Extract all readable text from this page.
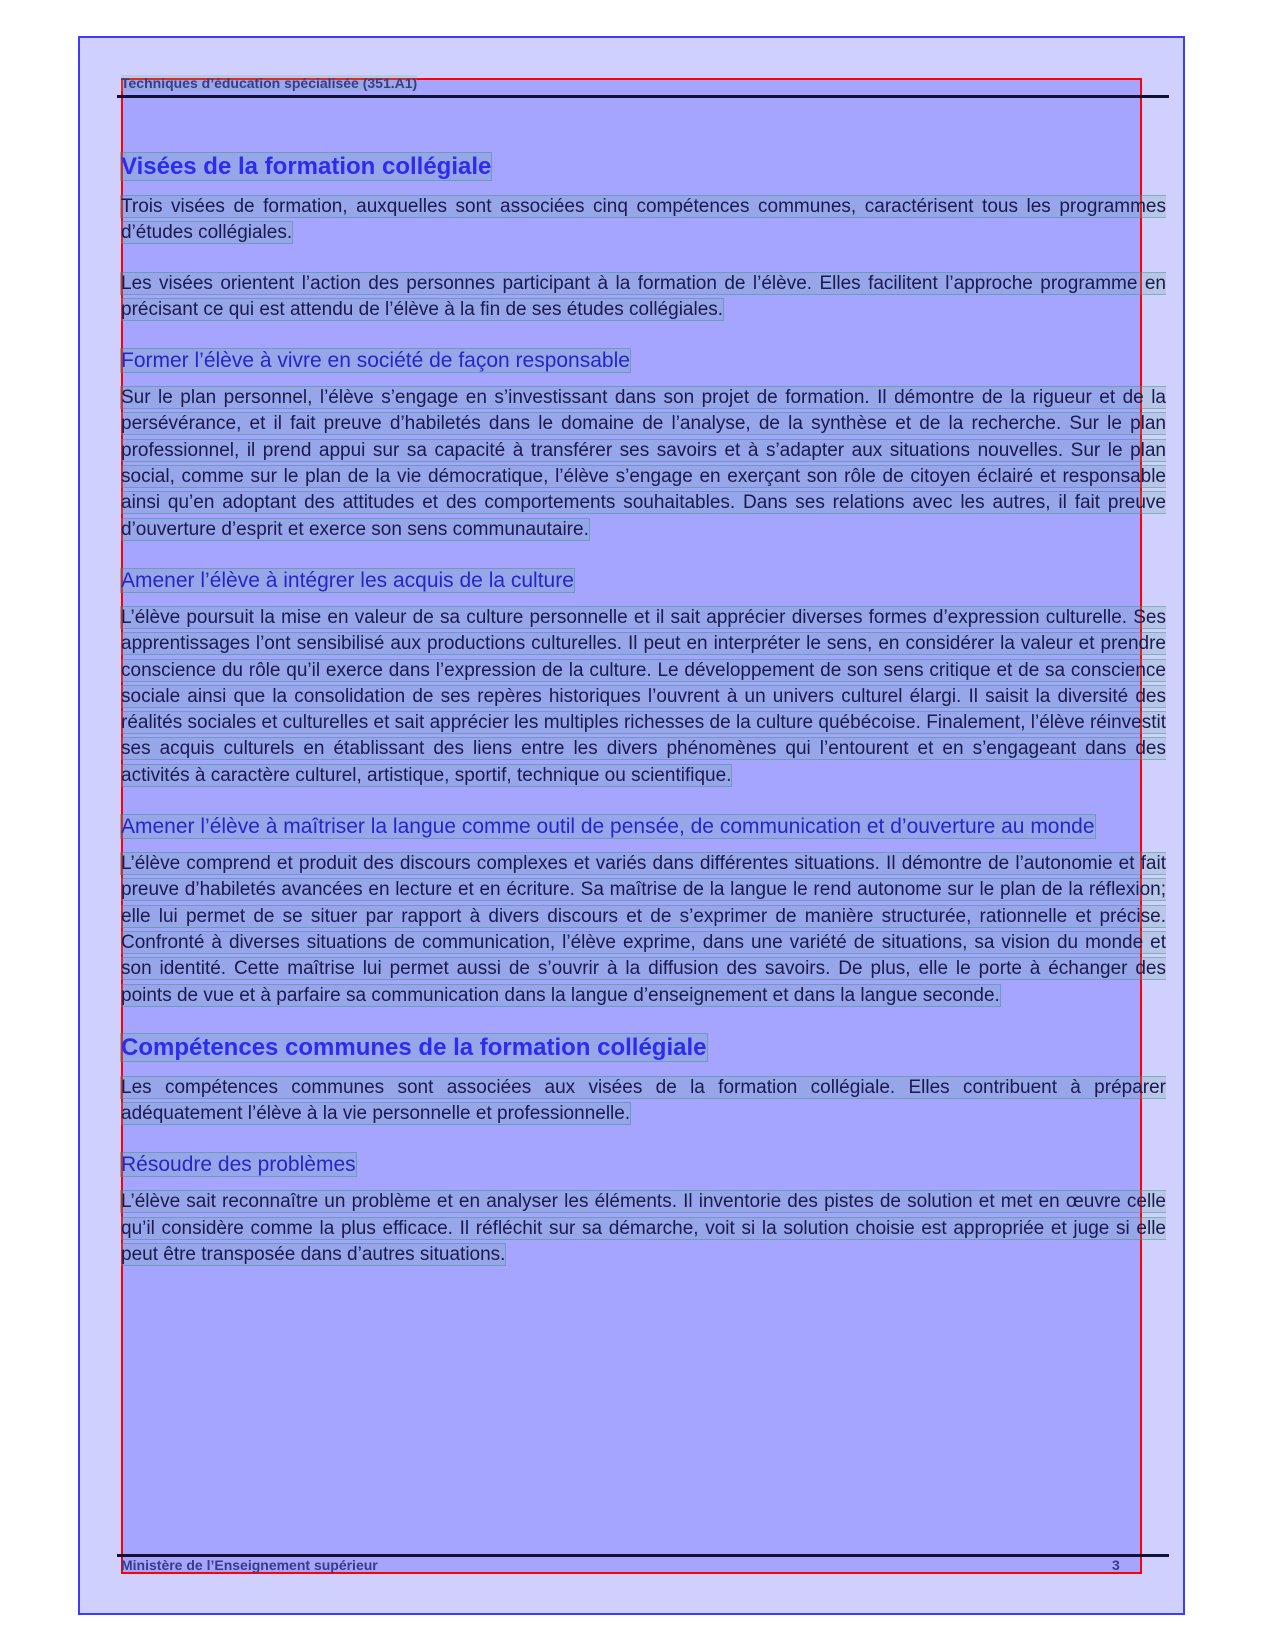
Techniques d’éducation spécialisée (351.A1)
Visées de la formation collégiale

Trois visées de formation, auxquelles sont associées cinq compétences communes, caractérisent tous les programmes d’études collégiales.

Les visées orientent l’action des personnes participant à la formation de l’élève. Elles facilitent l’approche programme en précisant ce qui est attendu de l’élève à la fin de ses études collégiales.

Former l’élève à vivre en société de façon responsable

Sur le plan personnel, l’élève s’engage en s’investissant dans son projet de formation. Il démontre de la rigueur et de la persévérance, et il fait preuve d’habiletés dans le domaine de l’analyse, de la synthèse et de la recherche. Sur le plan professionnel, il prend appui sur sa capacité à transférer ses savoirs et à s’adapter aux situations nouvelles. Sur le plan social, comme sur le plan de la vie démocratique, l’élève s’engage en exerçant son rôle de citoyen éclairé et responsable ainsi qu’en adoptant des attitudes et des comportements souhaitables. Dans ses relations avec les autres, il fait preuve d’ouverture d’esprit et exerce son sens communautaire.

Amener l’élève à intégrer les acquis de la culture

L’élève poursuit la mise en valeur de sa culture personnelle et il sait apprécier diverses formes d’expression culturelle. Ses apprentissages l’ont sensibilisé aux productions culturelles. Il peut en interpréter le sens, en considérer la valeur et prendre conscience du rôle qu’il exerce dans l’expression de la culture. Le développement de son sens critique et de sa conscience sociale ainsi que la consolidation de ses repères historiques l’ouvrent à un univers culturel élargi. Il saisit la diversité des réalités sociales et culturelles et sait apprécier les multiples richesses de la culture québécoise. Finalement, l’élève réinvestit ses acquis culturels en établissant des liens entre les divers phénomènes qui l’entourent et en s’engageant dans des activités à caractère culturel, artistique, sportif, technique ou scientifique.

Amener l’élève à maîtriser la langue comme outil de pensée, de communication et d’ouverture au monde

L’élève comprend et produit des discours complexes et variés dans différentes situations. Il démontre de l’autonomie et fait preuve d’habiletés avancées en lecture et en écriture. Sa maîtrise de la langue le rend autonome sur le plan de la réflexion; elle lui permet de se situer par rapport à divers discours et de s’exprimer de manière structurée, rationnelle et précise. Confronté à diverses situations de communication, l’élève exprime, dans une variété de situations, sa vision du monde et son identité. Cette maîtrise lui permet aussi de s’ouvrir à la diffusion des savoirs. De plus, elle le porte à échanger des points de vue et à parfaire sa communication dans la langue d’enseignement et dans la langue seconde.

Compétences communes de la formation collégiale

Les compétences communes sont associées aux visées de la formation collégiale. Elles contribuent à préparer adéquatement l’élève à la vie personnelle et professionnelle.

Résoudre des problèmes

L’élève sait reconnaître un problème et en analyser les éléments. Il inventorie des pistes de solution et met en œuvre celle qu’il considère comme la plus efficace. Il réfléchit sur sa démarche, voit si la solution choisie est appropriée et juge si elle peut être transposée dans d’autres situations.

Ministère de l’Enseignement supérieur	3
